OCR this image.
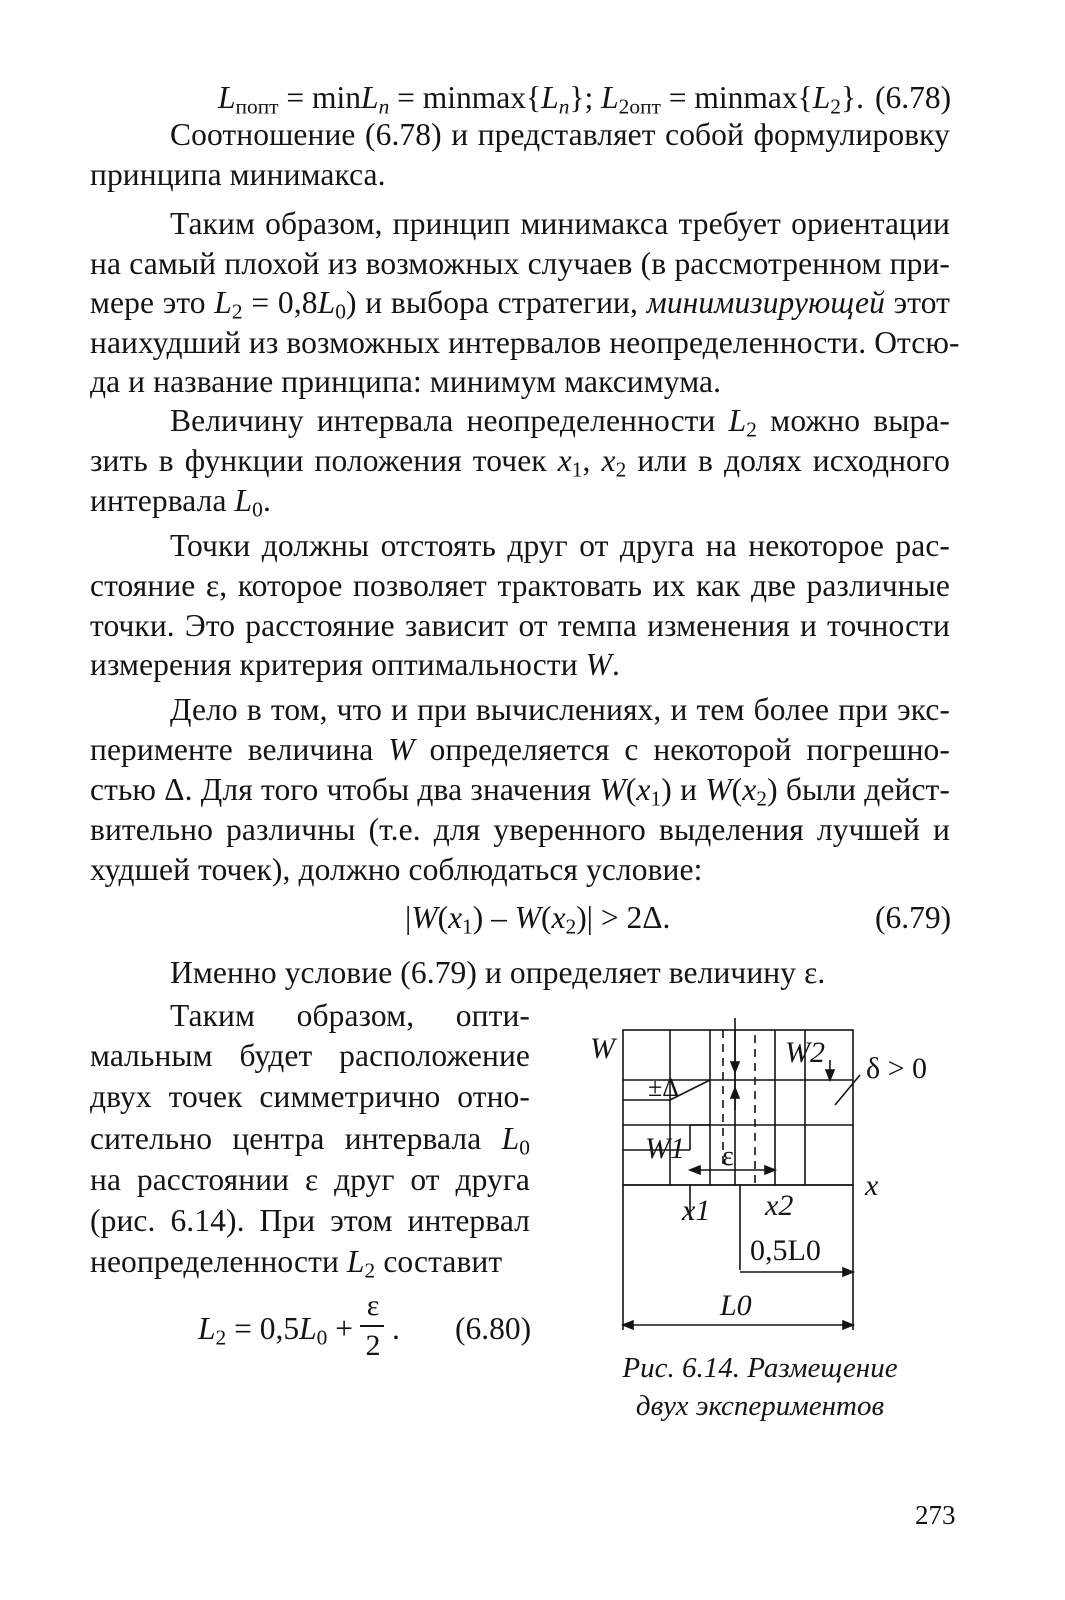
$L_{попт} = \min L_n = minmax\{L_n\}$; $L_{2опт} = minmax\{L_2\}$. (6.78)
Соотношение (6.78) и представляет собой формулировку
принципа минимакса.
Таким образом, принцип минимакса требует ориентации
на самый плохой из возможных случаев (в рассмотренном при-
мере это $L_2 = 0,8L_0$) и выбора стратегии, минимизирующей этот
наихудший из возможных интервалов неопределенности. Отсю-
да и название принципа: минимум максимума.
Величину интервала неопределенности $L_2$ можно выра-
зить в функции положения точек $x_1$, $x_2$ или в долях исходного
интервала $L_0$.
Точки должны отстоять друг от друга на некоторое рас-
стояние ε, которое позволяет трактовать их как две различные
точки. Это расстояние зависит от темпа изменения и точности
измерения критерия оптимальности W.
Дело в том, что и при вычислениях, и тем более при экс-
перименте величина W определяется с некоторой погрешно-
стью Δ. Для того чтобы два значения $W(x_1)$ и $W(x_2)$ были дейст-
вительно различны (т.е. для уверенного выделения лучшей и
худшей точек), должно соблюдаться условие:
$|W(x_1) - W(x_2)| > 2\Delta$.	(6.79)
Именно условие (6.79) и определяет величину ε.
Таким образом, опти-
мальным будет расположение
двух точек симметрично отно-
сительно центра интервала $L_0$
на расстоянии ε друг от друга
(рис. 6.14). При этом интервал
неопределенности $L_2$ составит
$L_2 = 0,5L_0$ +
ε
2 . (6.80)
W
x
±Δ
W1
W2
ε
δ > 0
x1 x2
0,5L0
L0
Рис. 6.14. Размещение
двух экспериментов
273
